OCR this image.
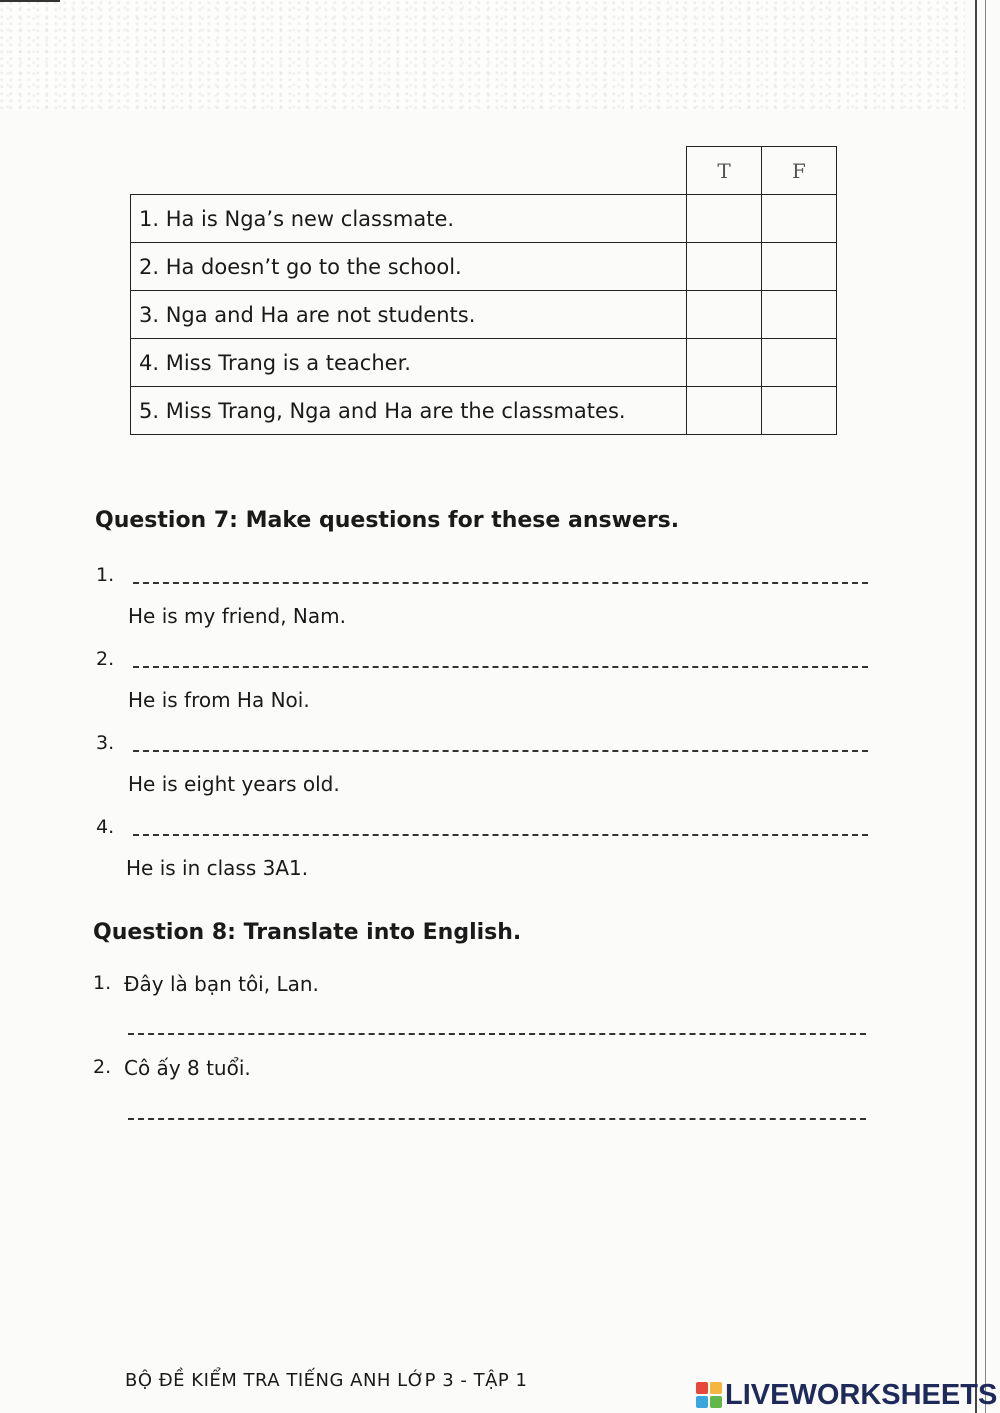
	T	F
1. Ha is Nga’s new classmate.		
2. Ha doesn’t go to the school.		
3. Nga and Ha are not students.		
4. Miss Trang is a teacher.		
5. Miss Trang, Nga and Ha are the classmates.		
Question 7: Make questions for these answers.
1.
He is my friend, Nam.
2.
He is from Ha Noi.
3.
He is eight years old.
4.
He is in class 3A1.
Question 8: Translate into English.
1. Đây là bạn tôi, Lan.
2. Cô ấy 8 tuổi.
BỘ ĐỀ KIỂM TRA TIẾNG ANH LỚP 3 - TẬP 1	LIVEWORKSHEETS
